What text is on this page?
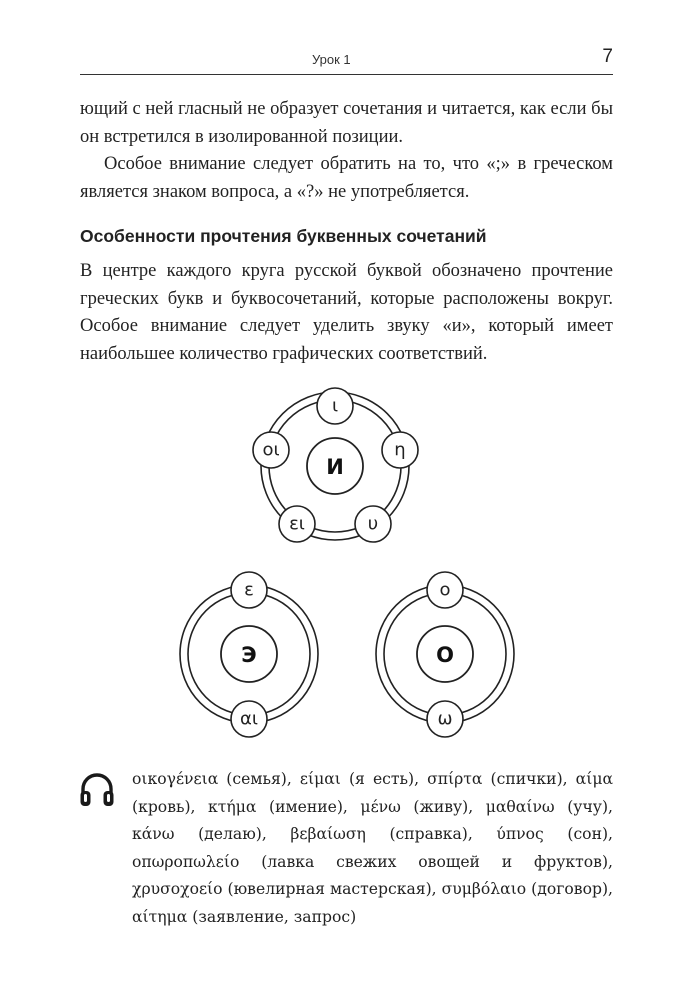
Урок 1	7

ющий с ней гласный не образует сочетания и читается, как если бы он встретился в изолированной позиции.

Особое внимание следует обратить на то, что «;» в греческом является знаком вопроса, а «?» не употребляется.

Особенности прочтения буквенных сочетаний

В центре каждого круга русской буквой обозначено прочтение греческих букв и буквосочетаний, которые расположены вокруг. Особое внимание следует уделить звуку «и», который имеет наибольшее количество графических соответствий.

И
ι
η
υ
ει
οι
Э
ε
αι
О
ο
ω

οικογένεια (семья), είμαι (я есть), σπίρτα (спички), αίμα (кровь), κτήμα (имение), μένω (живу), μαθαίνω (учу), κάνω (делаю), βεβαίωση (справка), ύπνος (сон), οπωροπωλείο (лавка свежих овощей и фруктов), χρυσοχοείο (ювелирная мастерская), συμβόλαιο (договор), αίτημα (заявление, запрос)
